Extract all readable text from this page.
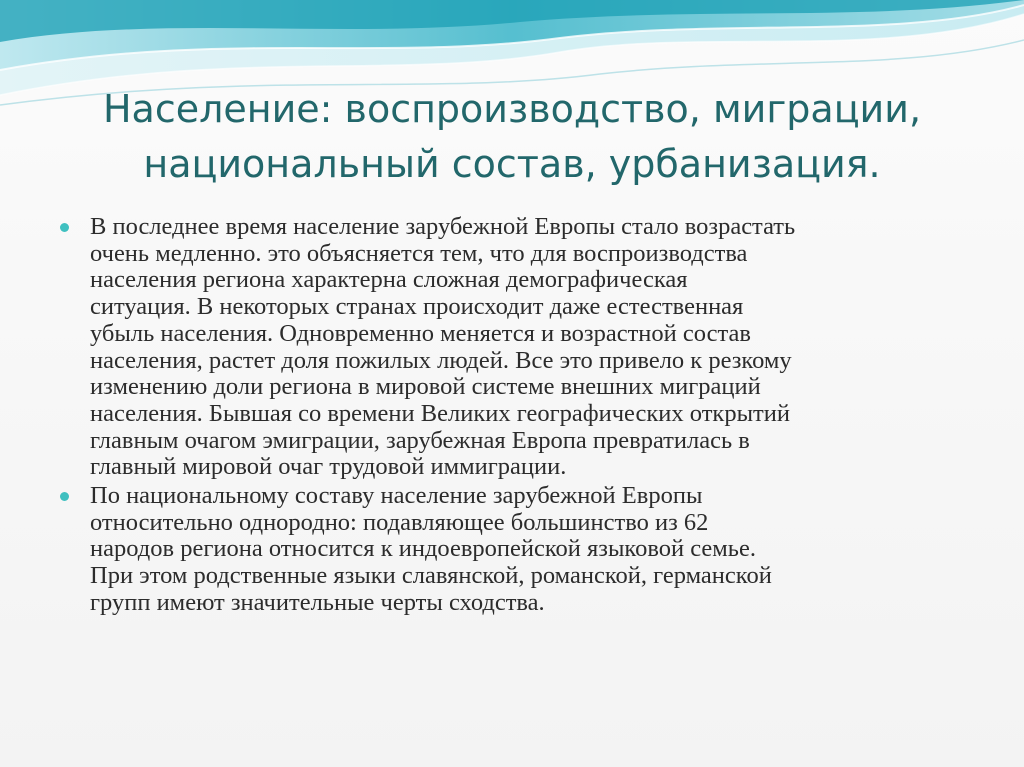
Население: воспроизводство, миграции,
национальный состав, урбанизация.
В последнее время население зарубежной Европы стало возрастать
очень медленно. это объясняется тем, что для воспроизводства
населения региона характерна сложная демографическая
ситуация. В некоторых странах происходит даже естественная
убыль населения. Одновременно меняется и возрастной состав
населения, растет доля пожилых людей. Все это привело к резкому
изменению доли региона в мировой системе внешних миграций
населения. Бывшая со времени Великих географических открытий
главным очагом эмиграции, зарубежная Европа превратилась в
главный мировой очаг трудовой иммиграции.
По национальному составу население зарубежной Европы
относительно однородно: подавляющее большинство из 62
народов региона относится к индоевропейской языковой семье.
При этом родственные языки славянской, романской, германской
групп имеют значительные черты сходства.
